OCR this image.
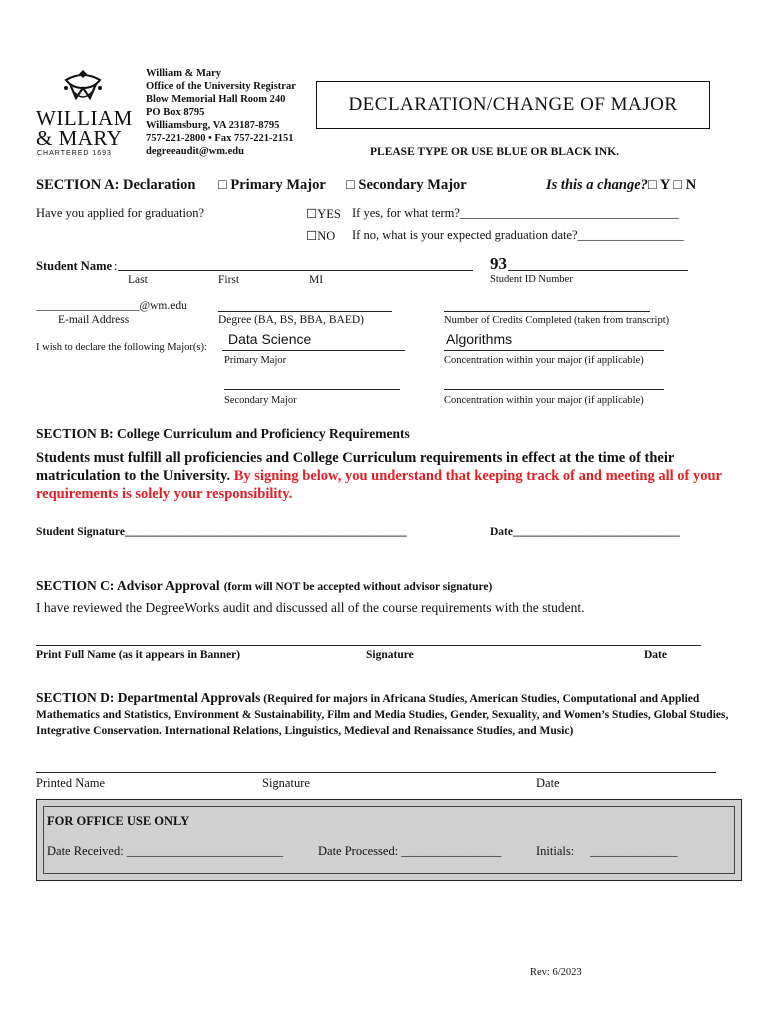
WILLIAM
& MARY
CHARTERED 1693
William & Mary
Office of the University Registrar
Blow Memorial Hall Room 240
PO Box 8795
Williamsburg, VA 23187-8795
757-221-2800 • Fax 757-221-2151
degreeaudit@wm.edu
DECLARATION/CHANGE OF MAJOR
PLEASE TYPE OR USE BLUE OR BLACK INK.
SECTION A: Declaration □ Primary Major □ Secondary Major	Is this a change? □ Y □ N
Have you applied for graduation?	☐YES If yes, for what term?___________________________________
☐NO If no, what is your expected graduation date?_________________
Student Name :
Last	First	MI
93
Student ID Number
__________________@wm.edu
E-mail Address	Degree (BA, BS, BBA, BAED)	Number of Credits Completed (taken from transcript)
I wish to declare the following Major(s):
Data Science
Primary Major
Algorithms
Concentration within your major (if applicable)
Secondary Major	Concentration within your major (if applicable)
SECTION B: College Curriculum and Proficiency Requirements
Students must fulfill all proficiencies and College Curriculum requirements in effect at the time of their matriculation to the University. By signing below, you understand that keeping track of and meeting all of your requirements is solely your responsibility.
Student Signature_________________________________________________	Date_____________________________
SECTION C: Advisor Approval (form will NOT be accepted without advisor signature)
I have reviewed the DegreeWorks audit and discussed all of the course requirements with the student.
Print Full Name (as it appears in Banner)	Signature	Date
SECTION D: Departmental Approvals (Required for majors in Africana Studies, American Studies, Computational and Applied Mathematics and Statistics, Environment & Sustainability, Film and Media Studies, Gender, Sexuality, and Women’s Studies, Global Studies, Integrative Conservation. International Relations, Linguistics, Medieval and Renaissance Studies, and Music)
Printed Name	Signature	Date
FOR OFFICE USE ONLY
Date Received: _________________________	Date Processed: ________________	Initials: ______________
Rev: 6/2023
